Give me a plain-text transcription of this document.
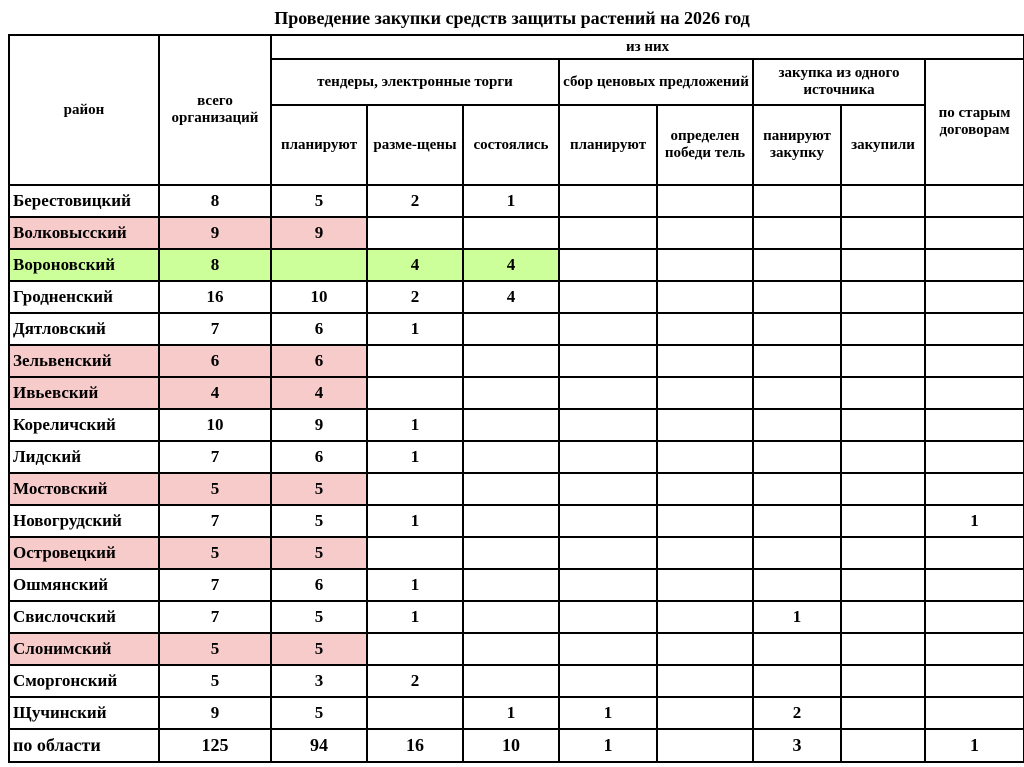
Проведение закупки средств защиты растений на 2026 год
район	всего организаций	из них							
		тендеры, электронные торги			сбор ценовых предложений		закупка из одного источника		по старым договорам
		планируют	разме-щены	состоялись	планируют	определен победи тель	панируют закупку	закупили	
Берестовицкий	8	5	2	1					
Волковысский	9	9							
Вороновский	8		4	4					
Гродненский	16	10	2	4					
Дятловский	7	6	1						
Зельвенский	6	6							
Ивьевский	4	4							
Кореличский	10	9	1						
Лидский	7	6	1						
Мостовский	5	5							
Новогрудский	7	5	1						1
Островецкий	5	5							
Ошмянский	7	6	1						
Свислочский	7	5	1				1		
Слонимский	5	5							
Сморгонский	5	3	2						
Щучинский	9	5		1	1		2		
по области	125	94	16	10	1		3		1
